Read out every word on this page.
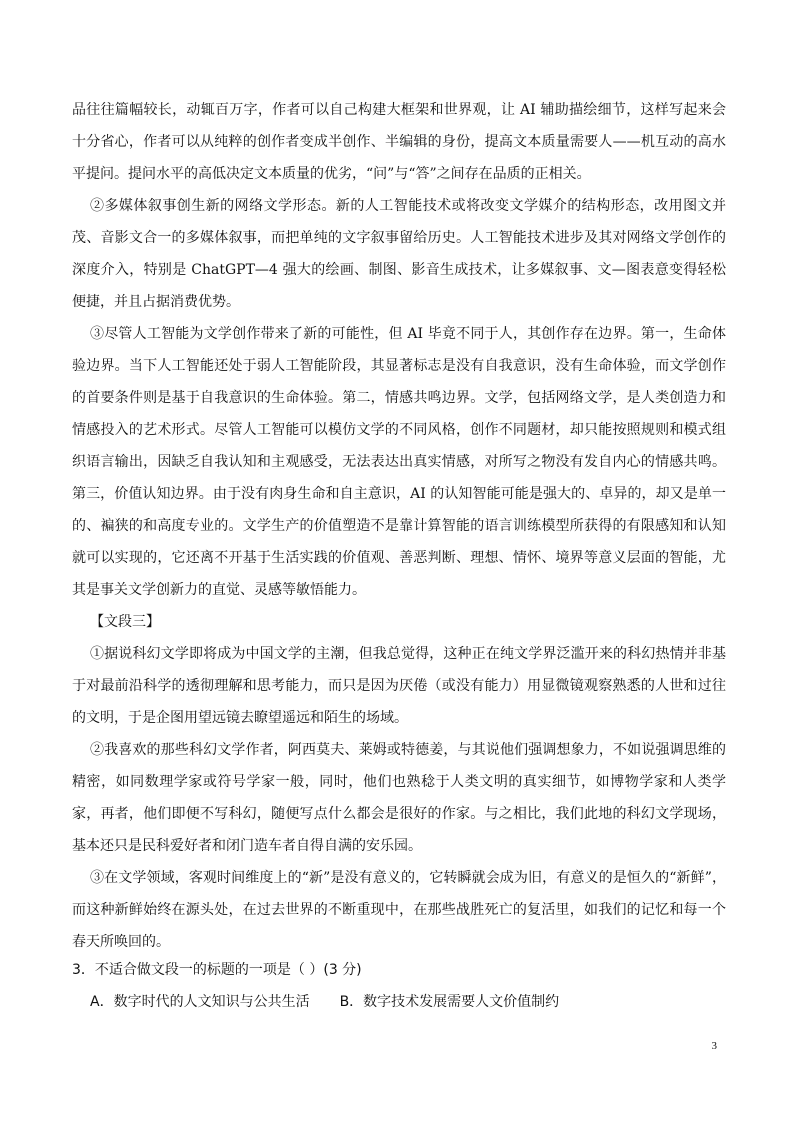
品往往篇幅较长，动辄百万字，作者可以自己构建大框架和世界观，让 AI 辅助描绘细节，这样写起来会十分省心，作者可以从纯粹的创作者变成半创作、半编辑的身份，提高文本质量需要人——机互动的高水平提问。提问水平的高低决定文本质量的优劣，“问”与“答”之间存在品质的正相关。

②多媒体叙事创生新的网络文学形态。新的人工智能技术或将改变文学媒介的结构形态，改用图文并茂、音影文合一的多媒体叙事，而把单纯的文字叙事留给历史。人工智能技术进步及其对网络文学创作的深度介入，特别是 ChatGPT—4 强大的绘画、制图、影音生成技术，让多媒叙事、文—图表意变得轻松便捷，并且占据消费优势。

③尽管人工智能为文学创作带来了新的可能性，但 AI 毕竟不同于人，其创作存在边界。第一，生命体验边界。当下人工智能还处于弱人工智能阶段，其显著标志是没有自我意识，没有生命体验，而文学创作的首要条件则是基于自我意识的生命体验。第二，情感共鸣边界。文学，包括网络文学，是人类创造力和情感投入的艺术形式。尽管人工智能可以模仿文学的不同风格，创作不同题材，却只能按照规则和模式组织语言输出，因缺乏自我认知和主观感受，无法表达出真实情感，对所写之物没有发自内心的情感共鸣。第三，价值认知边界。由于没有肉身生命和自主意识，AI 的认知智能可能是强大的、卓异的，却又是单一的、褊狭的和高度专业的。文学生产的价值塑造不是靠计算智能的语言训练模型所获得的有限感知和认知就可以实现的，它还离不开基于生活实践的价值观、善恶判断、理想、情怀、境界等意义层面的智能，尤其是事关文学创新力的直觉、灵感等敏悟能力。

【文段三】

①据说科幻文学即将成为中国文学的主潮，但我总觉得，这种正在纯文学界泛滥开来的科幻热情并非基于对最前沿科学的透彻理解和思考能力，而只是因为厌倦（或没有能力）用显微镜观察熟悉的人世和过往的文明，于是企图用望远镜去瞭望遥远和陌生的场域。

②我喜欢的那些科幻文学作者，阿西莫夫、莱姆或特德姜，与其说他们强调想象力，不如说强调思维的精密，如同数理学家或符号学家一般，同时，他们也熟稔于人类文明的真实细节，如博物学家和人类学家，再者，他们即便不写科幻，随便写点什么都会是很好的作家。与之相比，我们此地的科幻文学现场，基本还只是民科爱好者和闭门造车者自得自满的安乐园。

③在文学领域，客观时间维度上的“新”是没有意义的，它转瞬就会成为旧，有意义的是恒久的“新鲜”，而这种新鲜始终在源头处，在过去世界的不断重现中，在那些战胜死亡的复活里，如我们的记忆和每一个春天所唤回的。

3．不适合做文段一的标题的一项是（ ）(3 分)

A．数字时代的人文知识与公共生活 B．数字技术发展需要人文价值制约

3
